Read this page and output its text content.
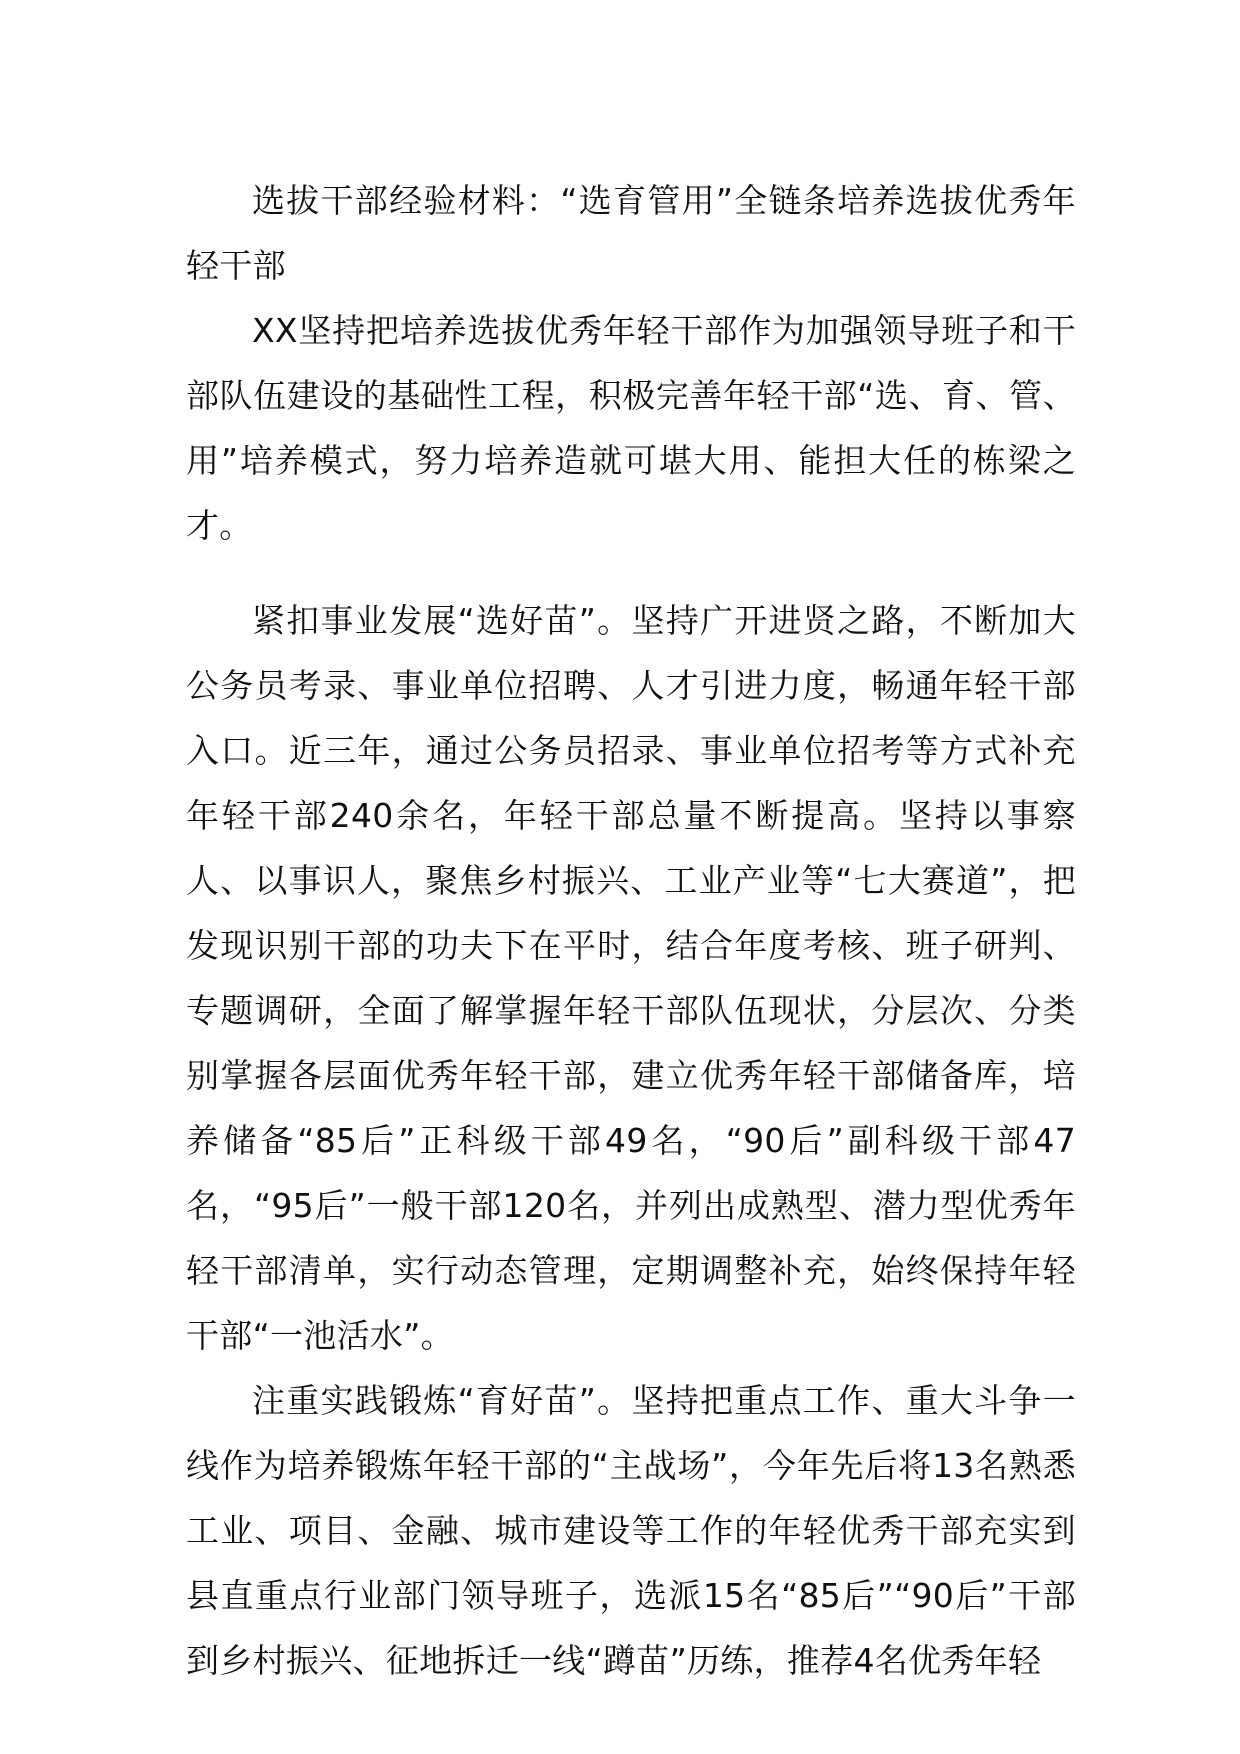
选拔干部经验材料：“选育管用”全链条培养选拔优秀年轻干部

XX坚持把培养选拔优秀年轻干部作为加强领导班子和干部队伍建设的基础性工程，积极完善年轻干部“选、育、管、用”培养模式，努力培养造就可堪大用、能担大任的栋梁之才。

紧扣事业发展“选好苗”。坚持广开进贤之路，不断加大公务员考录、事业单位招聘、人才引进力度，畅通年轻干部入口。近三年，通过公务员招录、事业单位招考等方式补充年轻干部240余名，年轻干部总量不断提高。坚持以事察人、以事识人，聚焦乡村振兴、工业产业等“七大赛道”，把发现识别干部的功夫下在平时，结合年度考核、班子研判、专题调研，全面了解掌握年轻干部队伍现状，分层次、分类别掌握各层面优秀年轻干部，建立优秀年轻干部储备库，培养储备“85后”正科级干部49名，“90后”副科级干部47名，“95后”一般干部120名，并列出成熟型、潜力型优秀年轻干部清单，实行动态管理，定期调整补充，始终保持年轻干部“一池活水”。

注重实践锻炼“育好苗”。坚持把重点工作、重大斗争一线作为培养锻炼年轻干部的“主战场”，今年先后将13名熟悉工业、项目、金融、城市建设等工作的年轻优秀干部充实到县直重点行业部门领导班子，选派15名“85后”“90后”干部到乡村振兴、征地拆迁一线“蹲苗”历练，推荐4名优秀年轻
